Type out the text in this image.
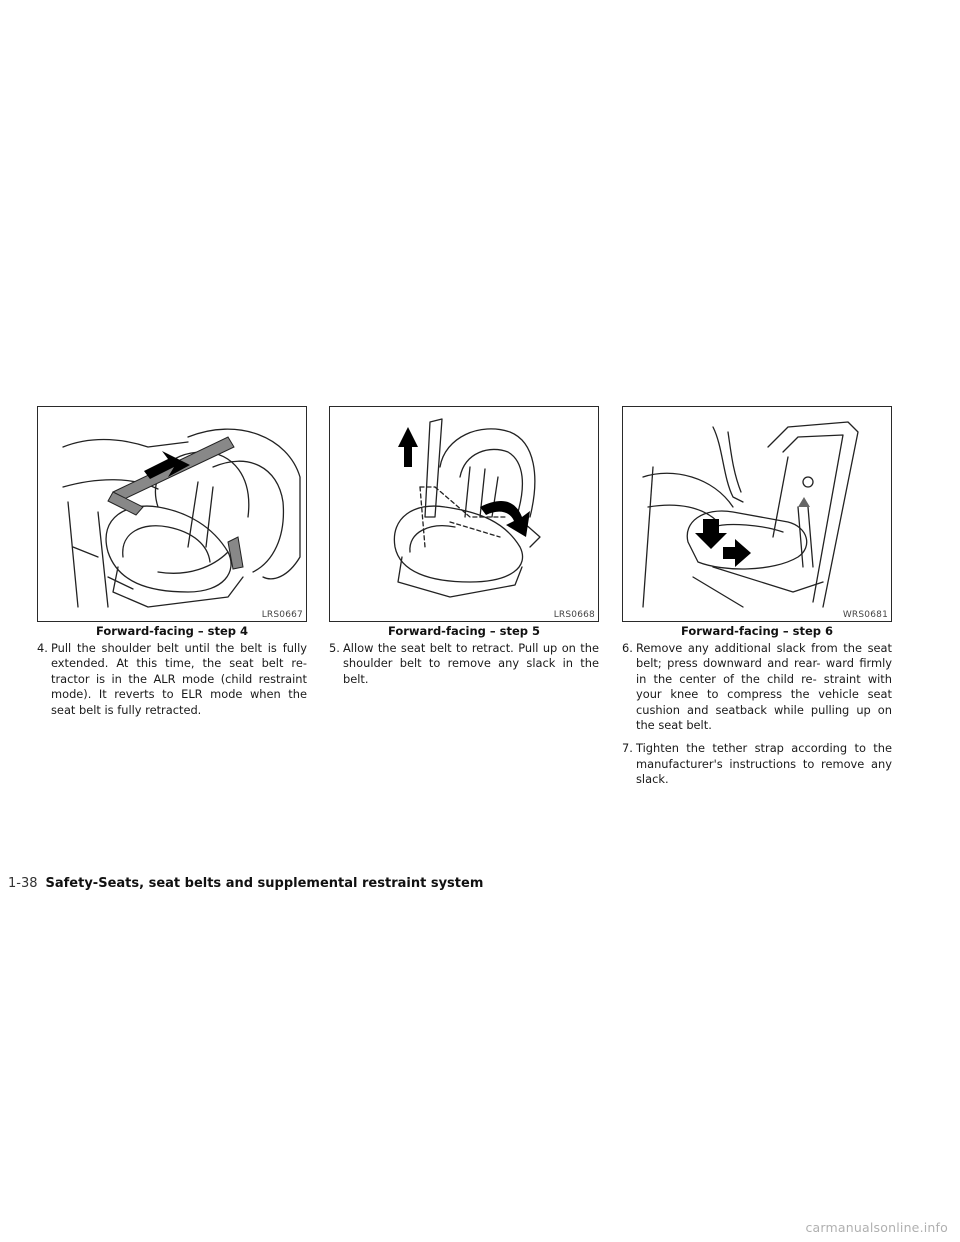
LRS0667
Forward-facing – step 4

4. Pull the shoulder belt until the belt is fully extended. At this time, the seat belt re- tractor is in the ALR mode (child restraint mode). It reverts to ELR mode when the seat belt is fully retracted.

LRS0668
Forward-facing – step 5

5. Allow the seat belt to retract. Pull up on the shoulder belt to remove any slack in the belt.

WRS0681
Forward-facing – step 6

6. Remove any additional slack from the seat belt; press downward and rear- ward firmly in the center of the child re- straint with your knee to compress the vehicle seat cushion and seatback while pulling up on the seat belt.

7. Tighten the tether strap according to the manufacturer's instructions to remove any slack.

1-38 Safety-Seats, seat belts and supplemental restraint system
carmanualsonline.info
